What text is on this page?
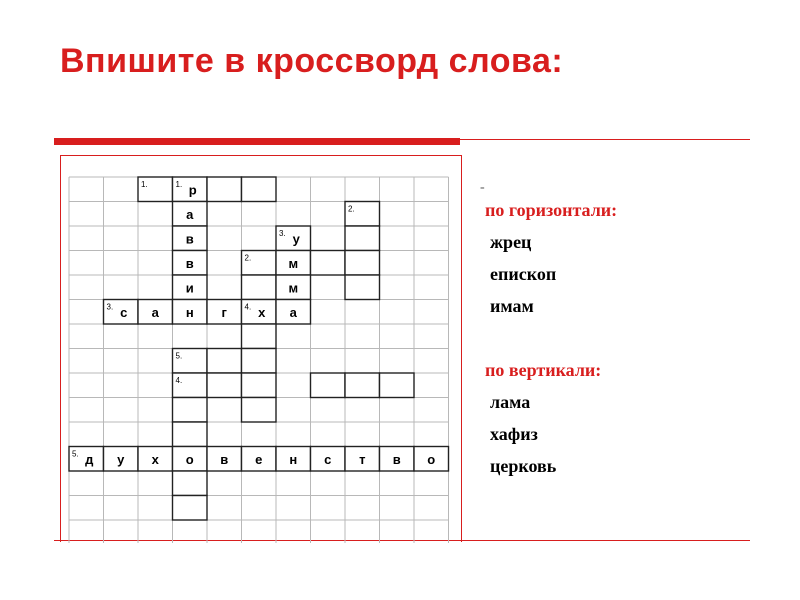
Впишите в кроссворд слова:
1.	1. р
а	2.
в	3. у
в	2.	м
и	м
3. с а н г 4. х а
5.
4.
5. д у х о в е н с т в о
-
по горизонтали:
жрец
епископ
имам
по вертикали:
лама
хафиз
церковь
